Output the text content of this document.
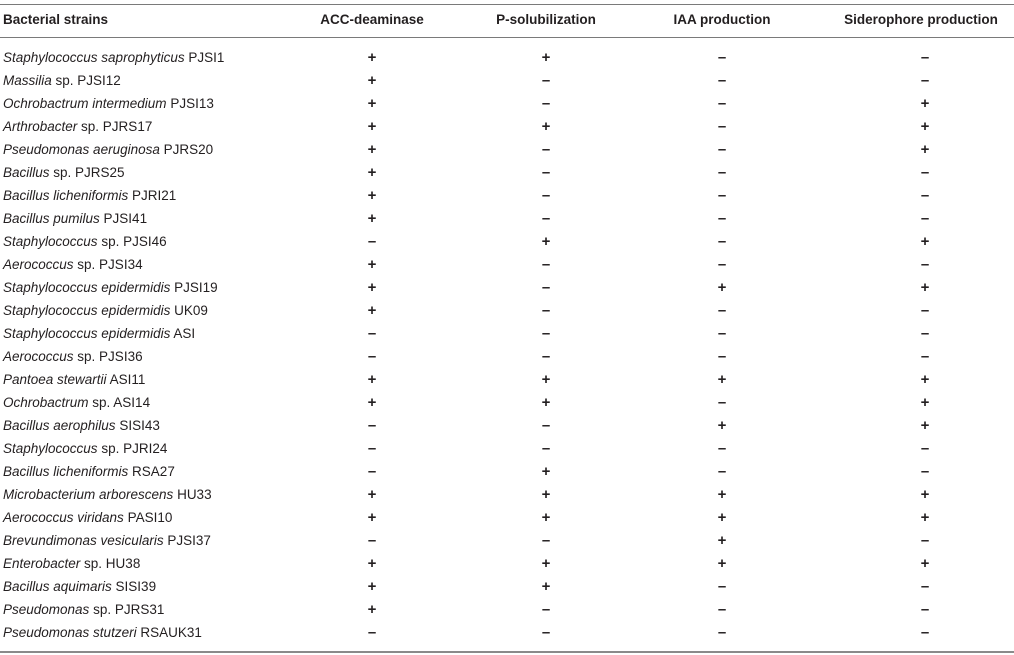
Bacterial strains	ACC-deaminase	P-solubilization	IAA production	Siderophore production
Staphylococcus saprophyticus PJSI1	+	+	–	–
Massilia sp. PJSI12	+	–	–	–
Ochrobactrum intermedium PJSI13	+	–	–	+
Arthrobacter sp. PJRS17	+	+	–	+
Pseudomonas aeruginosa PJRS20	+	–	–	+
Bacillus sp. PJRS25	+	–	–	–
Bacillus licheniformis PJRI21	+	–	–	–
Bacillus pumilus PJSI41	+	–	–	–
Staphylococcus sp. PJSI46	–	+	–	+
Aerococcus sp. PJSI34	+	–	–	–
Staphylococcus epidermidis PJSI19	+	–	+	+
Staphylococcus epidermidis UK09	+	–	–	–
Staphylococcus epidermidis ASI	–	–	–	–
Aerococcus sp. PJSI36	–	–	–	–
Pantoea stewartii ASI11	+	+	+	+
Ochrobactrum sp. ASI14	+	+	–	+
Bacillus aerophilus SISI43	–	–	+	+
Staphylococcus sp. PJRI24	–	–	–	–
Bacillus licheniformis RSA27	–	+	–	–
Microbacterium arborescens HU33	+	+	+	+
Aerococcus viridans PASI10	+	+	+	+
Brevundimonas vesicularis PJSI37	–	–	+	–
Enterobacter sp. HU38	+	+	+	+
Bacillus aquimaris SISI39	+	+	–	–
Pseudomonas sp. PJRS31	+	–	–	–
Pseudomonas stutzeri RSAUK31	–	–	–	–
